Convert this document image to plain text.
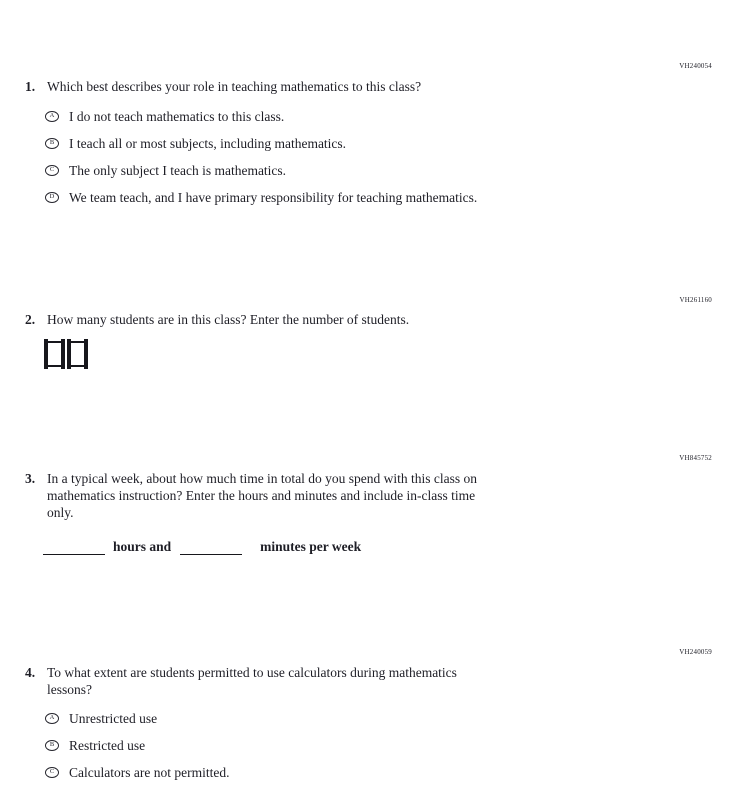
VH240054
1. Which best describes your role in teaching mathematics to this class?
A I do not teach mathematics to this class.
B I teach all or most subjects, including mathematics.
C The only subject I teach is mathematics.
D We team teach, and I have primary responsibility for teaching mathematics.
VH261160
2. How many students are in this class? Enter the number of students.
VH845752
3. In a typical week, about how much time in total do you spend with this class on
mathematics instruction? Enter the hours and minutes and include in-class time
only.
hours and	minutes per week
VH240059
4. To what extent are students permitted to use calculators during mathematics
lessons?
A Unrestricted use
B Restricted use
C Calculators are not permitted.
